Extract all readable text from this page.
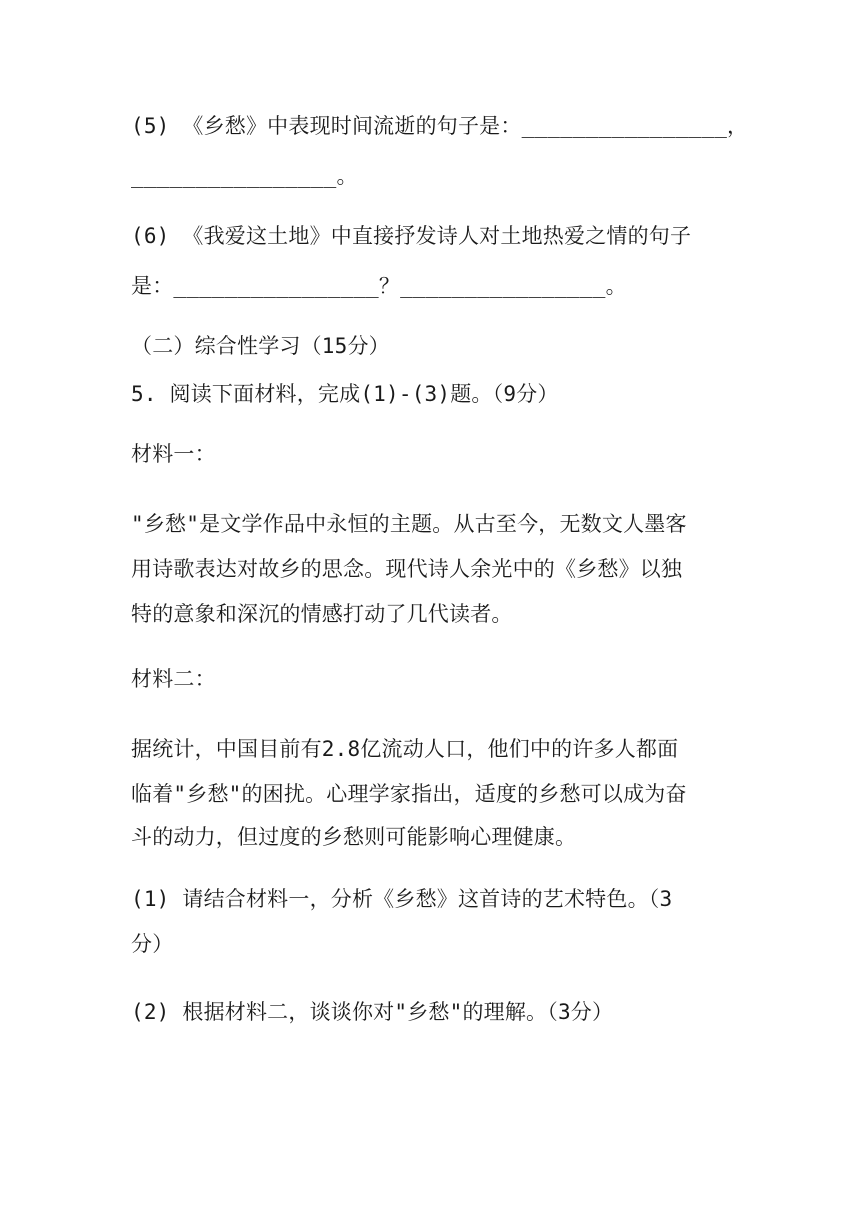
(5) 《乡愁》中表现时间流逝的句子是：________________，
________________。
(6) 《我爱这土地》中直接抒发诗人对土地热爱之情的句子
是：________________？________________。
（二）综合性学习（15分）
5. 阅读下面材料，完成(1)-(3)题。（9分）
材料一：
"乡愁"是文学作品中永恒的主题。从古至今，无数文人墨客
用诗歌表达对故乡的思念。现代诗人余光中的《乡愁》以独
特的意象和深沉的情感打动了几代读者。
材料二：
据统计，中国目前有2.8亿流动人口，他们中的许多人都面
临着"乡愁"的困扰。心理学家指出，适度的乡愁可以成为奋
斗的动力，但过度的乡愁则可能影响心理健康。
(1) 请结合材料一，分析《乡愁》这首诗的艺术特色。（3
分）
(2) 根据材料二，谈谈你对"乡愁"的理解。（3分）
